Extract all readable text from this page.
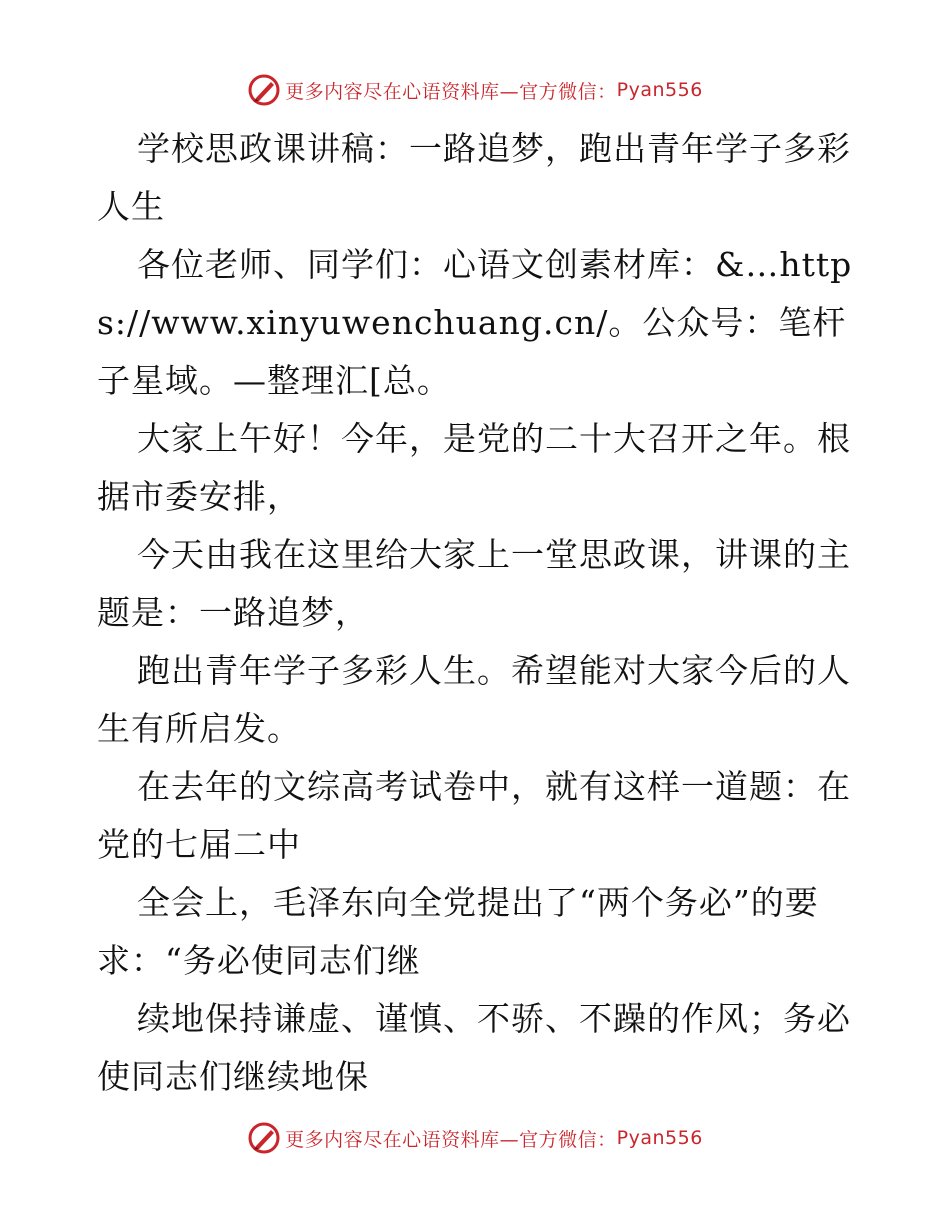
更多内容尽在心语资料库—官方微信： Pyan556

学校思政课讲稿：一路追梦，跑出青年学子多彩人生

各位老师、同学们：心语文创素材库：&…https://www.xinyuwenchuang.cn/。公众号：笔杆子星域。—整理汇[总。

大家上午好！今年，是党的二十大召开之年。根据市委安排，

今天由我在这里给大家上一堂思政课，讲课的主题是：一路追梦，

跑出青年学子多彩人生。希望能对大家今后的人生有所启发。

在去年的文综高考试卷中，就有这样一道题：在党的七届二中

全会上，毛泽东向全党提出了“两个务必”的要求：“务必使同志们继

续地保持谦虚、谨慎、不骄、不躁的作风；务必使同志们继续地保

更多内容尽在心语资料库—官方微信： Pyan556
